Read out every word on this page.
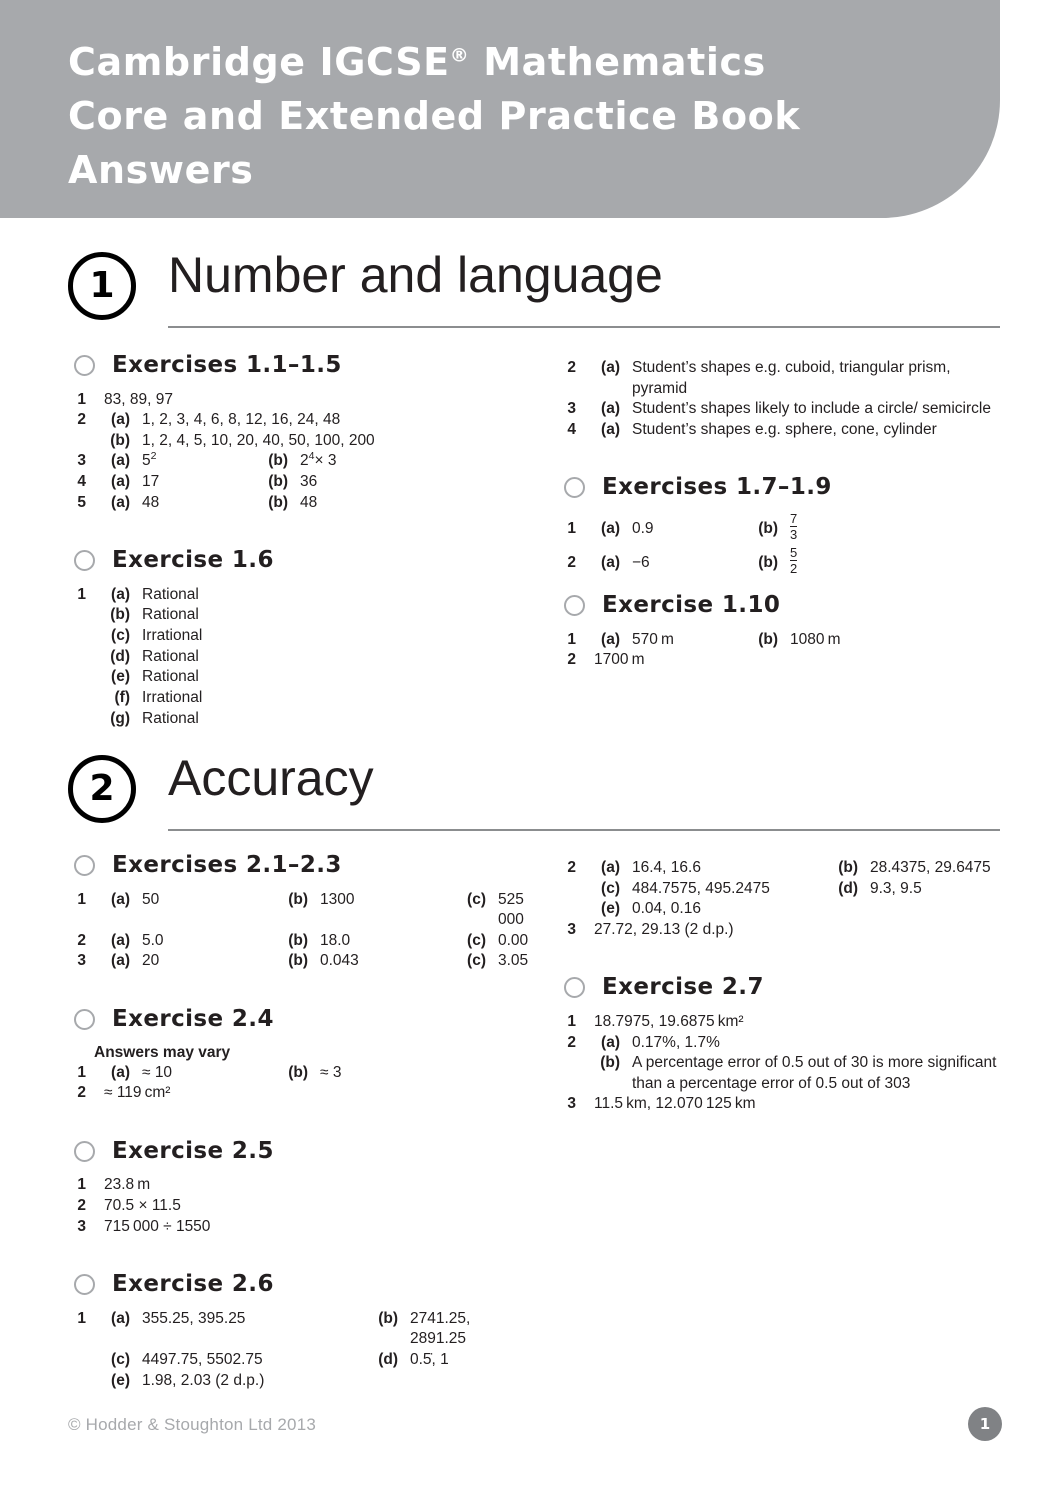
Cambridge IGCSE® Mathematics
Core and Extended Practice Book
Answers
1 Number and language
Exercises 1.1–1.5
1	83, 89, 97
2	(a) 1, 2, 3, 4, 6, 8, 12, 16, 24, 48
(b) 1, 2, 4, 5, 10, 20, 40, 50, 100, 200
3	(a) $5^2$	(b) $2^4\times 3$
4	(a) 17	(b) 36
5	(a) 48	(b) 48
Exercise 1.6
1	(a) Rational
(b) Rational
(c) Irrational
(d) Rational
(e) Rational
(f) Irrational
(g) Rational
2	(a) Student’s shapes e.g. cuboid, triangular prism, pyramid
3	(a) Student’s shapes likely to include a circle/ semicircle
4	(a) Student’s shapes e.g. sphere, cone, cylinder
Exercises 1.7–1.9
1	(a) 0.9	$(b) \frac{7}{3}$
2	(a) −6	$(b) \frac{5}{2}$
Exercise 1.10
1	(a) 570 m	(b) 1080 m
2	1700 m
2 Accuracy
Exercises 2.1–2.3
1	(a) 50	(b) 1300	(c) 525 000
2	(a) 5.0	(b) 18.0	(c) 0.00
3	(a) 20	(b) 0.043	(c) 3.05
Exercise 2.4
Answers may vary
1	(a) ≈ 10	(b) ≈ 3
2	≈ 119 cm²
Exercise 2.5
1	23.8 m
2	70.5 × 11.5
3	715 000 ÷ 1550
Exercise 2.6
1	(a) 355.25, 395.25	(b) 2741.25, 2891.25
(c) 4497.75, 5502.75	(d) 0.5̇, 1
(e) 1.98, 2.03 (2 d.p.)
2	(a) 16.4, 16.6	(b) 28.4375, 29.6475
(c) 484.7575, 495.2475	(d) 9.3, 9.5
(e) 0.04, 0.16
3	27.72, 29.13 (2 d.p.)
Exercise 2.7
1	18.7975, 19.6875 km²
2	(a) 0.17%, 1.7%
(b) A percentage error of 0.5 out of 30 is more significant than a percentage error of 0.5 out of 303
3	11.5 km, 12.070 125 km
© Hodder & Stoughton Ltd 2013	1
